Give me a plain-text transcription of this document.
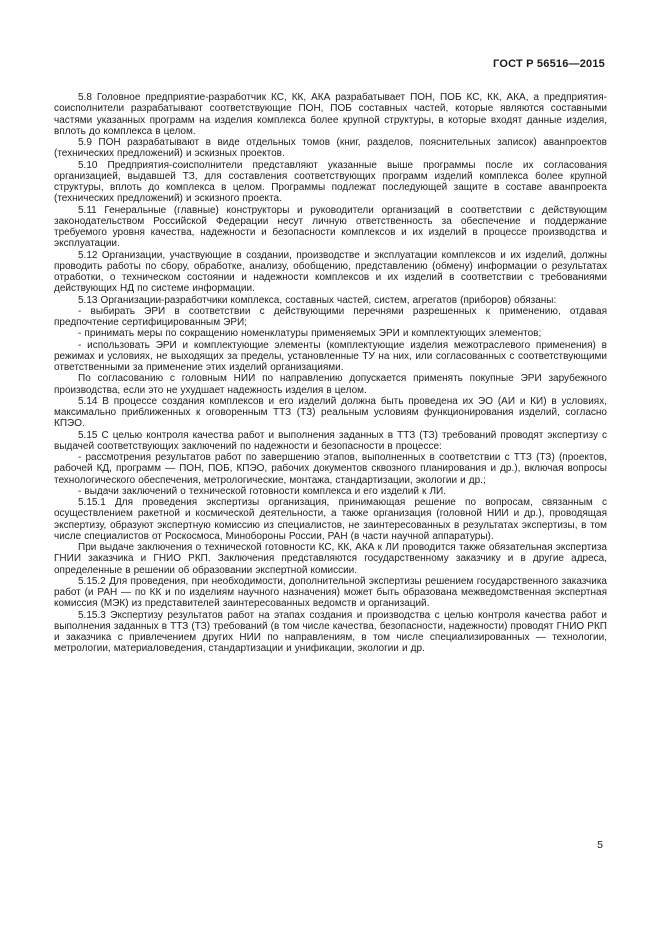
ГОСТ Р 56516—2015

5.8 Головное предприятие-разработчик КС, КК, АКА разрабатывает ПОН, ПОБ КС, КК, АКА, а предприятия-соисполнители разрабатывают соответствующие ПОН, ПОБ составных частей, которые являются составными частями указанных программ на изделия комплекса более крупной структуры, в которые входят данные изделия, вплоть до комплекса в целом.

5.9 ПОН разрабатывают в виде отдельных томов (книг, разделов, пояснительных записок) аванпроектов (технических предложений) и эскизных проектов.

5.10 Предприятия-соисполнители представляют указанные выше программы после их согласования организацией, выдавшей ТЗ, для составления соответствующих программ изделий комплекса более крупной структуры, вплоть до комплекса в целом. Программы подлежат последующей защите в составе аванпроекта (технических предложений) и эскизного проекта.

5.11 Генеральные (главные) конструкторы и руководители организаций в соответствии с действующим законодательством Российской Федерации несут личную ответственность за обеспечение и поддержание требуемого уровня качества, надежности и безопасности комплексов и их изделий в процессе производства и эксплуатации.

5.12 Организации, участвующие в создании, производстве и эксплуатации комплексов и их изделий, должны проводить работы по сбору, обработке, анализу, обобщению, представлению (обмену) информации о результатах отработки, о техническом состоянии и надежности комплексов и их изделий в соответствии с требованиями действующих НД по системе информации.

5.13 Организации-разработчики комплекса, составных частей, систем, агрегатов (приборов) обязаны:

- выбирать ЭРИ в соответствии с действующими перечнями разрешенных к применению, отдавая предпочтение сертифицированным ЭРИ;

- принимать меры по сокращению номенклатуры применяемых ЭРИ и комплектующих элементов;

- использовать ЭРИ и комплектующие элементы (комплектующие изделия межотраслевого применения) в режимах и условиях, не выходящих за пределы, установленные ТУ на них, или согласованных с соответствующими ответственными за применение этих изделий организациями.

По согласованию с головным НИИ по направлению допускается применять покупные ЭРИ зарубежного производства, если это не ухудшает надежность изделия в целом.

5.14 В процессе создания комплексов и его изделий должна быть проведена их ЭО (АИ и КИ) в условиях, максимально приближенных к оговоренным ТТЗ (ТЗ) реальным условиям функционирования изделий, согласно КПЭО.

5.15 С целью контроля качества работ и выполнения заданных в ТТЗ (ТЗ) требований проводят экспертизу с выдачей соответствующих заключений по надежности и безопасности в процессе:

- рассмотрения результатов работ по завершению этапов, выполненных в соответствии с ТТЗ (ТЗ) (проектов, рабочей КД, программ — ПОН, ПОБ, КПЭО, рабочих документов сквозного планирования и др.), включая вопросы технологического обеспечения, метрологические, монтажа, стандартизации, экологии и др.;

- выдачи заключений о технической готовности комплекса и его изделий к ЛИ.

5.15.1 Для проведения экспертизы организация, принимающая решение по вопросам, связанным с осуществлением ракетной и космической деятельности, а также организация (головной НИИ и др.), проводящая экспертизу, образуют экспертную комиссию из специалистов, не заинтересованных в результатах экспертизы, в том числе специалистов от Роскосмоса, Минобороны России, РАН (в части научной аппаратуры).

При выдаче заключения о технической готовности КС, КК, АКА к ЛИ проводится также обязательная экспертиза ГНИИ заказчика и ГНИО РКП. Заключения представляются государственному заказчику и в другие адреса, определенные в решении об образовании экспертной комиссии.

5.15.2 Для проведения, при необходимости, дополнительной экспертизы решением государственного заказчика работ (и РАН — по КК и по изделиям научного назначения) может быть образована межведомственная экспертная комиссия (МЭК) из представителей заинтересованных ведомств и организаций.

5.15.3 Экспертизу результатов работ на этапах создания и производства с целью контроля качества работ и выполнения заданных в ТТЗ (ТЗ) требований (в том числе качества, безопасности, надежности) проводят ГНИО РКП и заказчика с привлечением других НИИ по направлениям, в том числе специализированных — технологии, метрологии, материаловедения, стандартизации и унификации, экологии и др.

5
